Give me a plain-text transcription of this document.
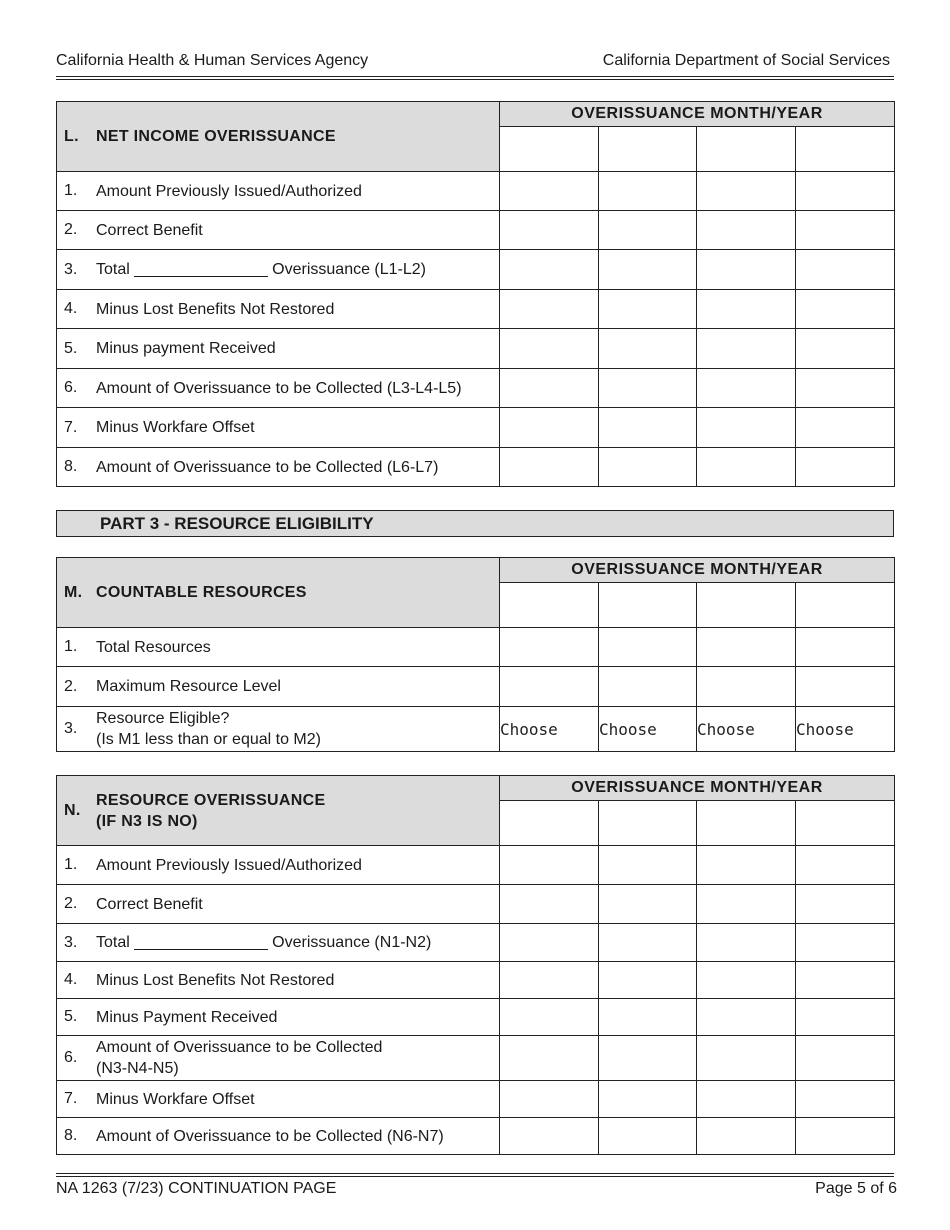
California Health & Human Services Agency	California Department of Social Services
L. NET INCOME OVERISSUANCE	OVERISSUANCE MONTH/YEAR			

1. Amount Previously Issued/Authorized				

2. Correct Benefit				

3. Total _______________ Overissuance (L1-L2)				

4. Minus Lost Benefits Not Restored				

5. Minus payment Received				

6. Amount of Overissuance to be Collected (L3-L4-L5)				

7. Minus Workfare Offset				

8. Amount of Overissuance to be Collected (L6-L7)				

PART 3 - RESOURCE ELIGIBILITY
M. COUNTABLE RESOURCES	OVERISSUANCE MONTH/YEAR			

1. Total Resources				

2. Maximum Resource Level				

3.
Resource Eligible?
(Is M1 less than or equal to M2)	Choose	Choose	Choose	Choose
N.
RESOURCE OVERISSUANCE
(IF N3 IS NO)	OVERISSUANCE MONTH/YEAR			

1. Amount Previously Issued/Authorized				

2. Correct Benefit				

3. Total _______________ Overissuance (N1-N2)				

4. Minus Lost Benefits Not Restored				

5. Minus Payment Received				

6.
Amount of Overissuance to be Collected
(N3-N4-N5)				

7. Minus Workfare Offset				

8. Amount of Overissuance to be Collected (N6-N7)				

NA 1263 (7/23) CONTINUATION PAGE	Page 5 of 6
